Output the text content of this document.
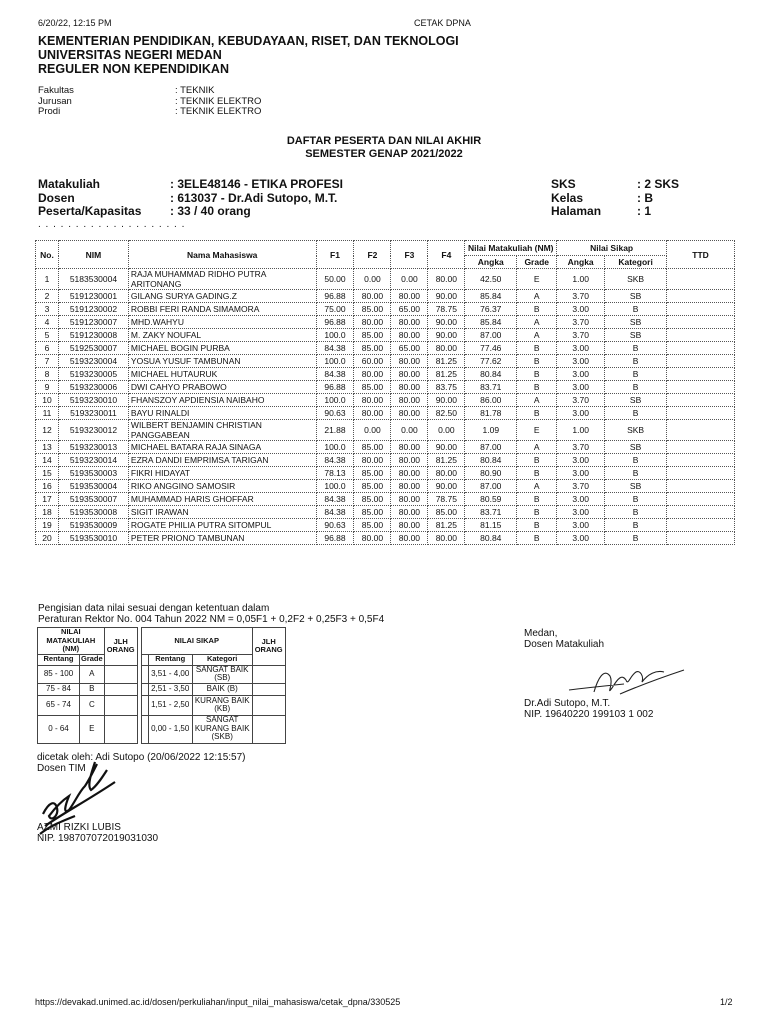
6/20/22, 12:15 PM	CETAK DPNA
KEMENTERIAN PENDIDIKAN, KEBUDAYAAN, RISET, DAN TEKNOLOGI
UNIVERSITAS NEGERI MEDAN
REGULER NON KEPENDIDIKAN
Fakultas	: TEKNIK
Jurusan	: TEKNIK ELEKTRO
Prodi	: TEKNIK ELEKTRO
DAFTAR PESERTA DAN NILAI AKHIR
SEMESTER GENAP 2021/2022
Matakuliah	: 3ELE48146 - ETIKA PROFESI
Dosen	: 613037 - Dr.Adi Sutopo, M.T.
Peserta/Kapasitas	: 33 / 40 orang
SKS	: 2 SKS
Kelas	: B
Halaman	: 1
. . . . . . . . . . . . . . . . . . . .
No.	NIM	Nama Mahasiswa	F1	F2	F3	F4	Nilai Matakuliah (NM)		Nilai Sikap		TTD
							Angka	Grade	Angka	Kategori	
1	5183530004	RAJA MUHAMMAD RIDHO PUTRA ARITONANG	50.00	0.00	0.00	80.00	42.50	E	1.00	SKB	
2	5191230001	GILANG SURYA GADING.Z	96.88	80.00	80.00	90.00	85.84	A	3.70	SB	
3	5191230002	ROBBI FERI RANDA SIMAMORA	75.00	85.00	65.00	78.75	76.37	B	3.00	B	
4	5191230007	MHD.WAHYU	96.88	80.00	80.00	90.00	85.84	A	3.70	SB	
5	5191230008	M. ZAKY NOUFAL	100.0	85.00	80.00	90.00	87.00	A	3.70	SB	
6	5192530007	MICHAEL BOGIN PURBA	84.38	85.00	65.00	80.00	77.46	B	3.00	B	
7	5193230004	YOSUA YUSUF TAMBUNAN	100.0	60.00	80.00	81.25	77.62	B	3.00	B	
8	5193230005	MICHAEL HUTAURUK	84.38	80.00	80.00	81.25	80.84	B	3.00	B	
9	5193230006	DWI CAHYO PRABOWO	96.88	85.00	80.00	83.75	83.71	B	3.00	B	
10	5193230010	FHANSZOY APDIENSIA NAIBAHO	100.0	80.00	80.00	90.00	86.00	A	3.70	SB	
11	5193230011	BAYU RINALDI	90.63	80.00	80.00	82.50	81.78	B	3.00	B	
12	5193230012	WILBERT BENJAMIN CHRISTIAN PANGGABEAN	21.88	0.00	0.00	0.00	1.09	E	1.00	SKB	
13	5193230013	MICHAEL BATARA RAJA SINAGA	100.0	85.00	80.00	90.00	87.00	A	3.70	SB	
14	5193230014	EZRA DANDI EMPRIMSA TARIGAN	84.38	80.00	80.00	81.25	80.84	B	3.00	B	
15	5193530003	FIKRI HIDAYAT	78.13	85.00	80.00	80.00	80.90	B	3.00	B	
16	5193530004	RIKO ANGGINO SAMOSIR	100.0	85.00	80.00	90.00	87.00	A	3.70	SB	
17	5193530007	MUHAMMAD HARIS GHOFFAR	84.38	85.00	80.00	78.75	80.59	B	3.00	B	
18	5193530008	SIGIT IRAWAN	84.38	85.00	80.00	85.00	83.71	B	3.00	B	
19	5193530009	ROGATE PHILIA PUTRA SITOMPUL	90.63	85.00	80.00	81.25	81.15	B	3.00	B	
20	5193530010	PETER PRIONO TAMBUNAN	96.88	80.00	80.00	80.00	80.84	B	3.00	B	
Pengisian data nilai sesuai dengan ketentuan dalam
Peraturan Rektor No. 004 Tahun 2022 NM = 0,05F1 + 0,2F2 + 0,25F3 + 0,5F4
NILAI MATAKULIAH (NM)		JLH ORANG		NILAI SIKAP			JLH ORANG
Rentang	Grade				Rentang	Kategori	
85 - 100	A				3,51 - 4,00	SANGAT BAIK (SB)	
75 - 84	B				2,51 - 3,50	BAIK (B)	
65 - 74	C				1,51 - 2,50	KURANG BAIK (KB)	
0 - 64	E				0,00 - 1,50	SANGAT KURANG BAIK (SKB)	
Medan,
Dosen Matakuliah
Dr.Adi Sutopo, M.T.
NIP. 19640220 199103 1 002
dicetak oleh: Adi Sutopo (20/06/2022 12:15:57)
Dosen TIM
AZMI RIZKI LUBIS
NIP. 198707072019031030
https://devakad.unimed.ac.id/dosen/perkuliahan/input_nilai_mahasiswa/cetak_dpna/330525	1/2
